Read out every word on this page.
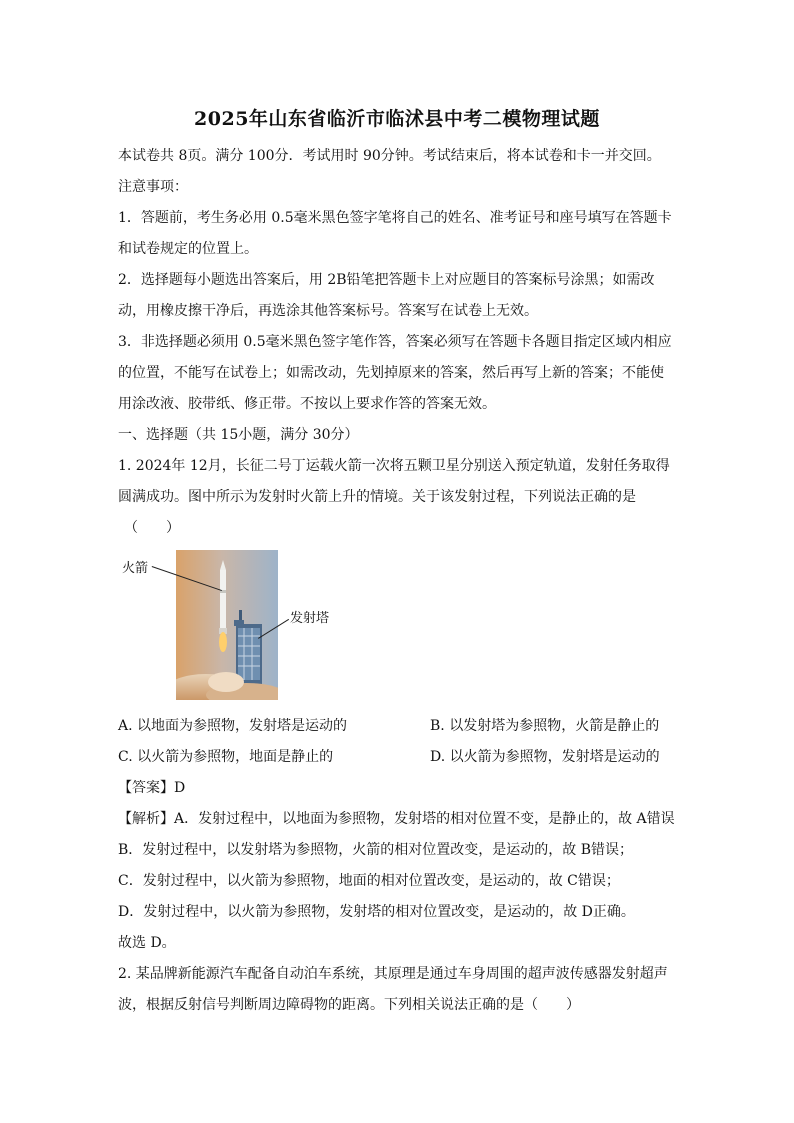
2025年山东省临沂市临沭县中考二模物理试题
本试卷共 8页。满分 100分．考试用时 90分钟。考试结束后，将本试卷和卡一并交回。
注意事项：
1．答题前，考生务必用 0.5毫米黑色签字笔将自己的姓名、准考证号和座号填写在答题卡
和试卷规定的位置上。
2．选择题每小题选出答案后，用 2B铅笔把答题卡上对应题目的答案标号涂黑；如需改
动，用橡皮擦干净后，再选涂其他答案标号。答案写在试卷上无效。
3．非选择题必须用 0.5毫米黑色签字笔作答，答案必须写在答题卡各题目指定区域内相应
的位置，不能写在试卷上；如需改动，先划掉原来的答案，然后再写上新的答案；不能使
用涂改液、胶带纸、修正带。不按以上要求作答的答案无效。
一、选择题（共 15小题，满分 30分）
1. 2024年 12月，长征二号丁运载火箭一次将五颗卫星分别送入预定轨道，发射任务取得
圆满成功。图中所示为发射时火箭上升的情境。关于该发射过程，下列说法正确的是
（　　）
火箭
发射塔
A. 以地面为参照物，发射塔是运动的	B. 以发射塔为参照物，火箭是静止的
C. 以火箭为参照物，地面是静止的	D. 以火箭为参照物，发射塔是运动的
【答案】D
【解析】A．发射过程中，以地面为参照物，发射塔的相对位置不变，是静止的，故 A错误
B．发射过程中，以发射塔为参照物，火箭的相对位置改变，是运动的，故 B错误；
C．发射过程中，以火箭为参照物，地面的相对位置改变，是运动的，故 C错误；
D．发射过程中，以火箭为参照物，发射塔的相对位置改变，是运动的，故 D正确。
故选 D。
2. 某品牌新能源汽车配备自动泊车系统，其原理是通过车身周围的超声波传感器发射超声
波，根据反射信号判断周边障碍物的距离。下列相关说法正确的是（　　）
